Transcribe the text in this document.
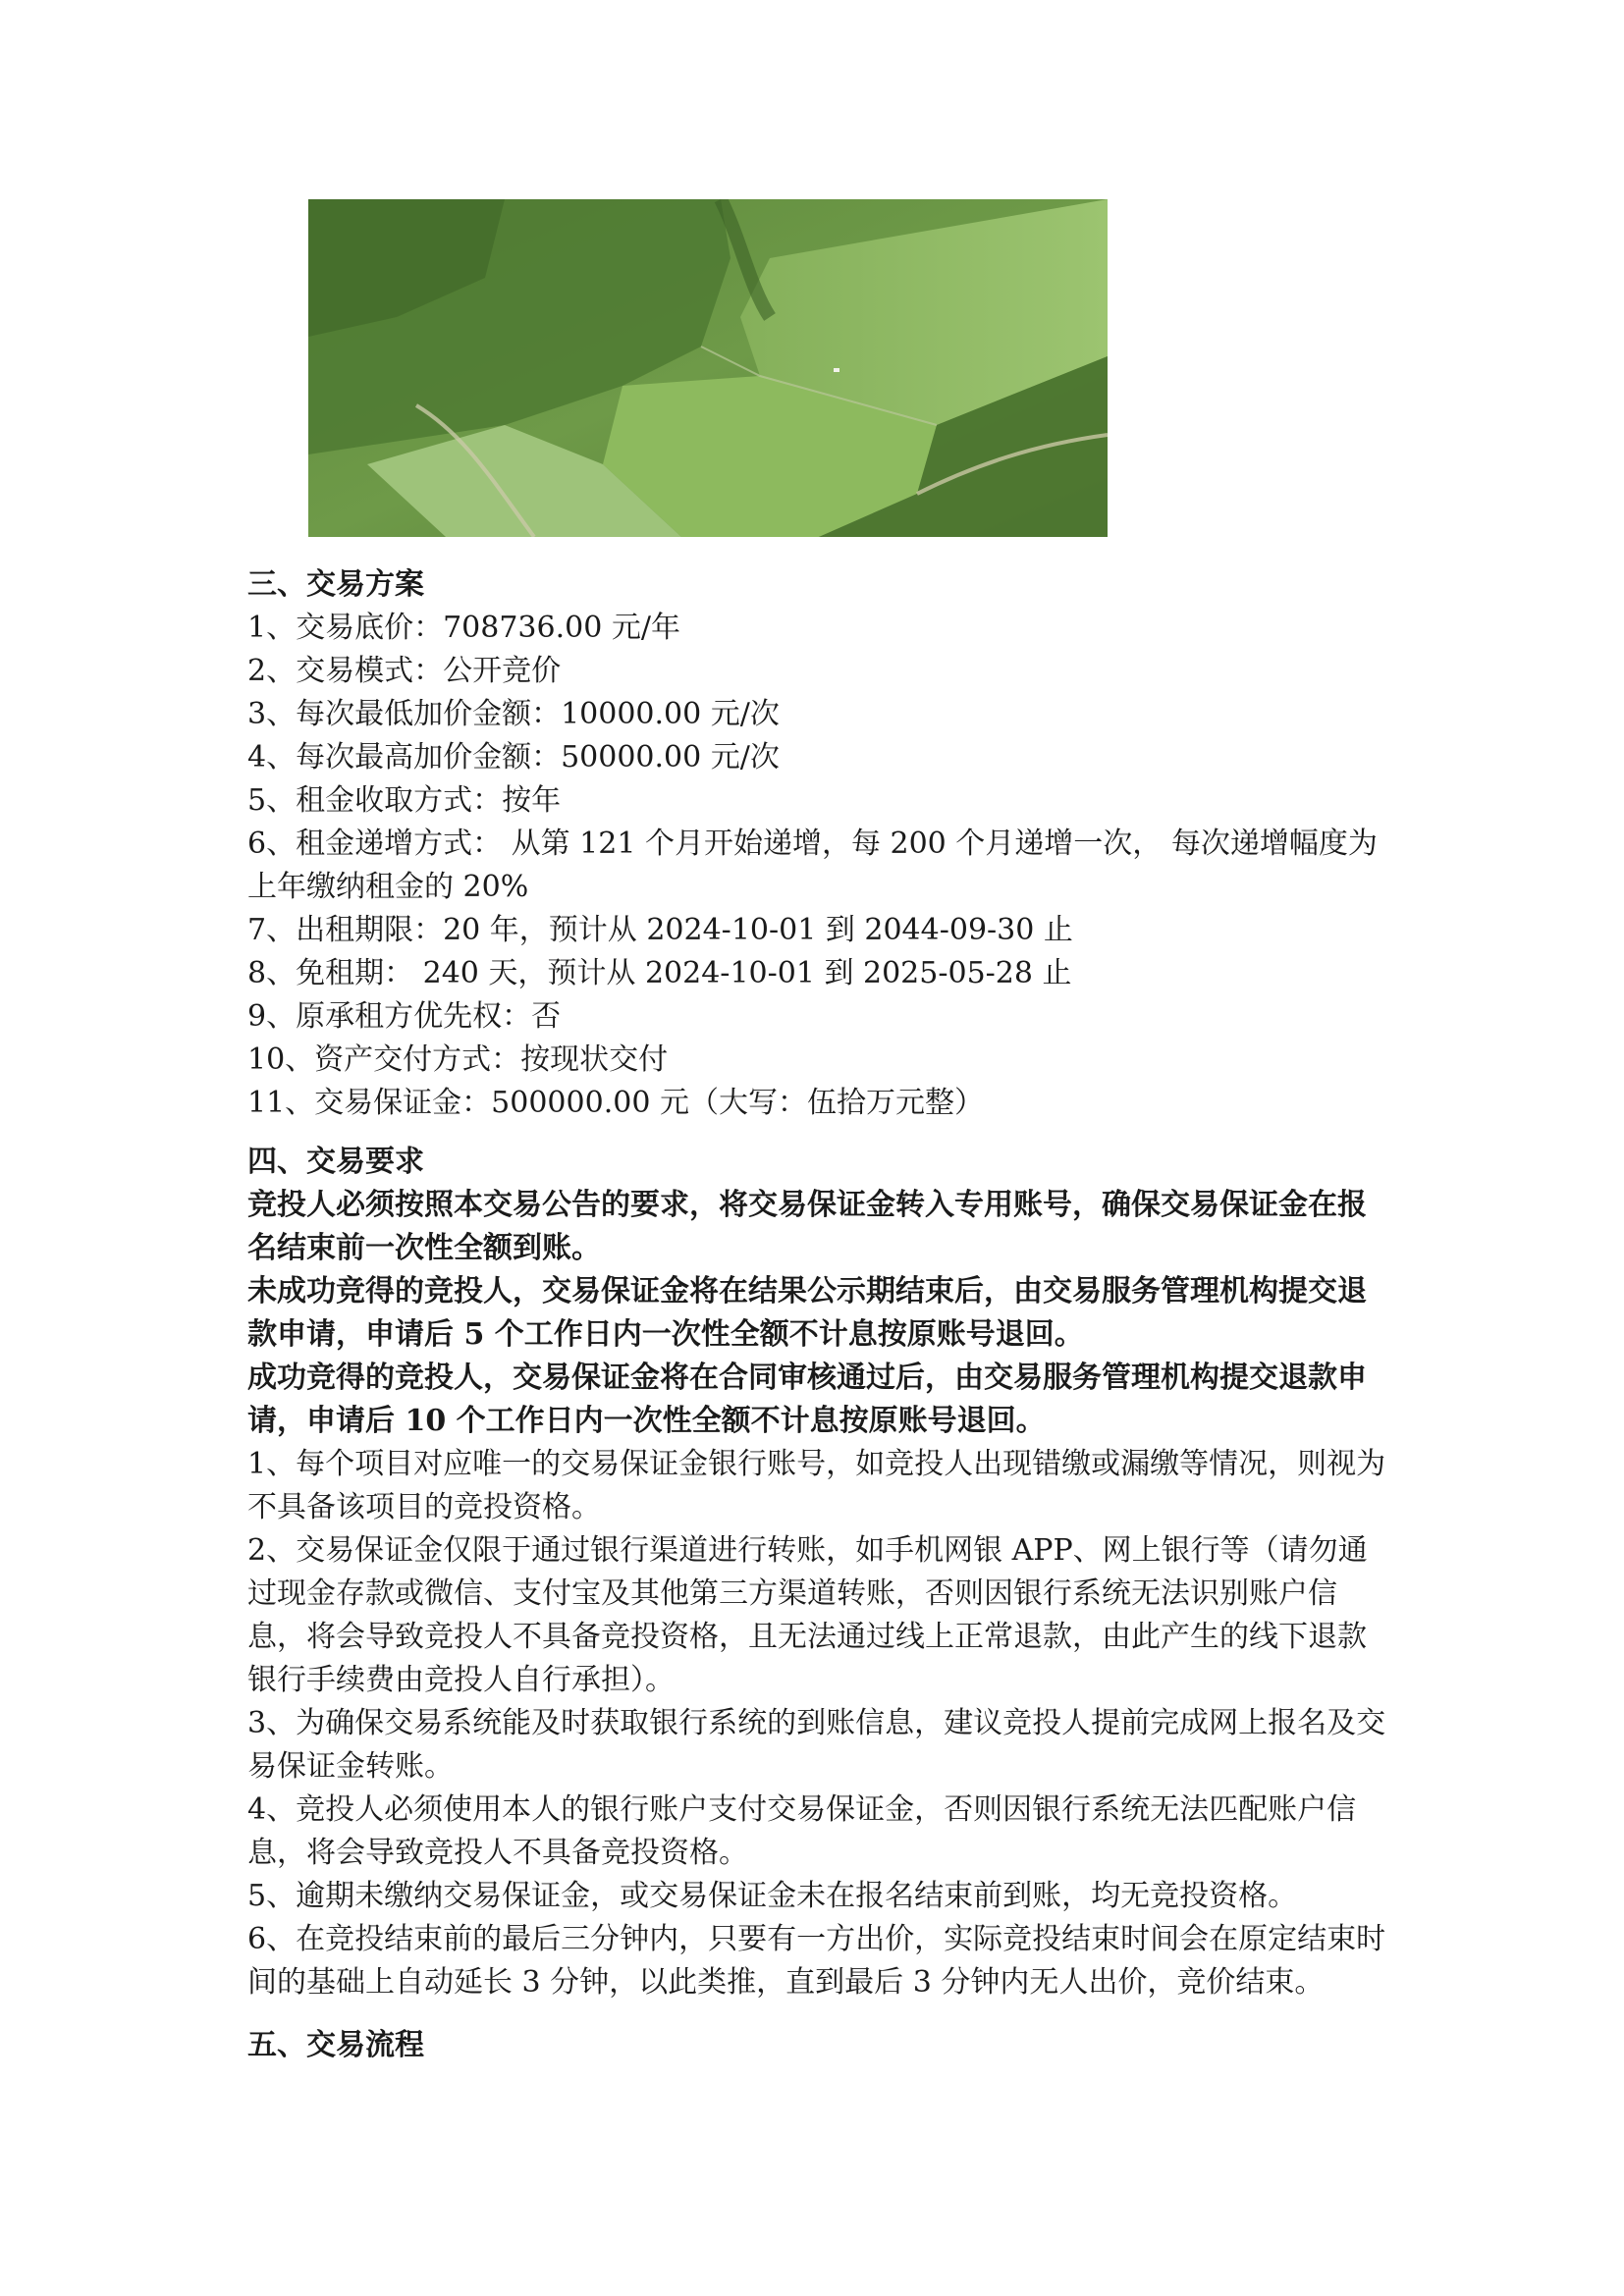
三、交易方案

1、交易底价：708736.00 元/年

2、交易模式：公开竞价

3、每次最低加价金额：10000.00 元/次

4、每次最高加价金额：50000.00 元/次

5、租金收取方式：按年

6、租金递增方式： 从第 121 个月开始递增，每 200 个月递增一次， 每次递增幅度为上年缴纳租金的 20%

7、出租期限：20 年，预计从 2024-10-01 到 2044-09-30 止

8、免租期： 240 天，预计从 2024-10-01 到 2025-05-28 止

9、原承租方优先权：否

10、资产交付方式：按现状交付

11、交易保证金：500000.00 元（大写：伍拾万元整）

四、交易要求

竞投人必须按照本交易公告的要求，将交易保证金转入专用账号，确保交易保证金在报名结束前一次性全额到账。

未成功竞得的竞投人，交易保证金将在结果公示期结束后，由交易服务管理机构提交退款申请，申请后 5 个工作日内一次性全额不计息按原账号退回。

成功竞得的竞投人，交易保证金将在合同审核通过后，由交易服务管理机构提交退款申请，申请后 10 个工作日内一次性全额不计息按原账号退回。

1、每个项目对应唯一的交易保证金银行账号，如竞投人出现错缴或漏缴等情况，则视为不具备该项目的竞投资格。

2、交易保证金仅限于通过银行渠道进行转账，如手机网银 APP、网上银行等（请勿通过现金存款或微信、支付宝及其他第三方渠道转账，否则因银行系统无法识别账户信息，将会导致竞投人不具备竞投资格，且无法通过线上正常退款，由此产生的线下退款银行手续费由竞投人自行承担）。

3、为确保交易系统能及时获取银行系统的到账信息，建议竞投人提前完成网上报名及交易保证金转账。

4、竞投人必须使用本人的银行账户支付交易保证金，否则因银行系统无法匹配账户信息，将会导致竞投人不具备竞投资格。

5、逾期未缴纳交易保证金，或交易保证金未在报名结束前到账，均无竞投资格。

6、在竞投结束前的最后三分钟内，只要有一方出价，实际竞投结束时间会在原定结束时间的基础上自动延长 3 分钟，以此类推，直到最后 3 分钟内无人出价，竞价结束。

五、交易流程
